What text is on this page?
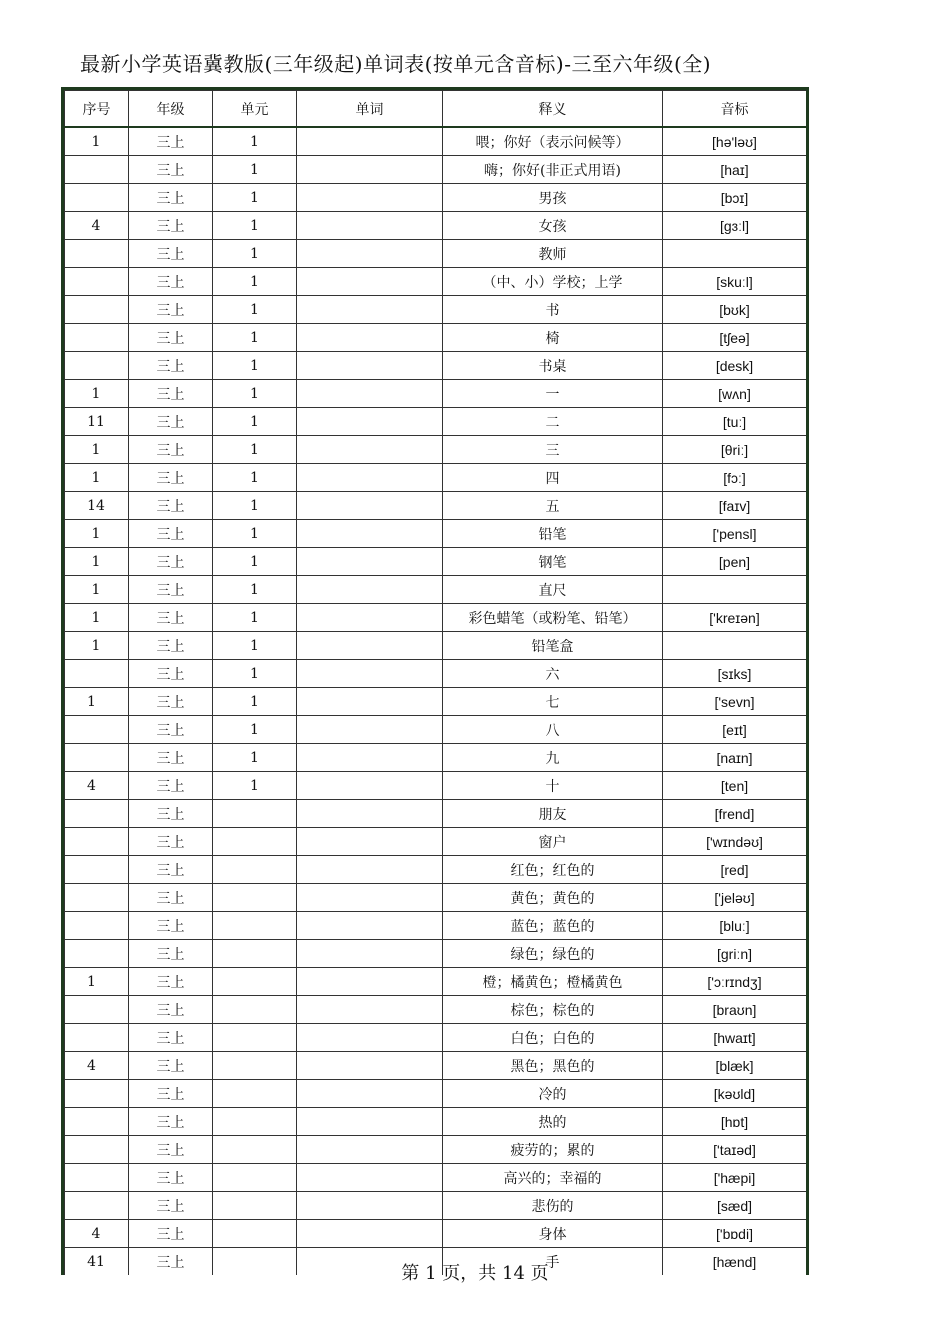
最新小学英语冀教版(三年级起)单词表(按单元含音标)-三至六年级(全)
序号	年级	单元	单词	释义	音标
1	三上	1		喂；你好（表示问候等）	[hə'ləʊ]
	三上	1		嗨；你好(非正式用语)	[haɪ]
	三上	1		男孩	[bɔɪ]
4	三上	1		女孩	[gɜːl]
	三上	1		教师	
	三上	1		（中、小）学校；上学	[skuːl]
	三上	1		书	[bʊk]
	三上	1		椅	[tʃeə]
	三上	1		书桌	[desk]
1	三上	1		一	[wʌn]
11	三上	1		二	[tuː]
1	三上	1		三	[θriː]
1	三上	1		四	[fɔː]
14	三上	1		五	[faɪv]
1	三上	1		铅笔	['pensl]
1	三上	1		钢笔	[pen]
1	三上	1		直尺	
1	三上	1		彩色蜡笔（或粉笔、铅笔）	['kreɪən]
1	三上	1		铅笔盒	
	三上	1		六	[sɪks]
1	三上	1		七	['sevn]
	三上	1		八	[eɪt]
	三上	1		九	[naɪn]
4	三上	1		十	[ten]
	三上			朋友	[frend]
	三上			窗户	['wɪndəʊ]
	三上			红色；红色的	[red]
	三上			黄色；黄色的	['jeləʊ]
	三上			蓝色；蓝色的	[bluː]
	三上			绿色；绿色的	[griːn]
1	三上			橙；橘黄色；橙橘黄色	['ɔːrɪndʒ]
	三上			棕色；棕色的	[braʊn]
	三上			白色；白色的	[hwaɪt]
4	三上			黑色；黑色的	[blæk]
	三上			冷的	[kəʊld]
	三上			热的	[hɒt]
	三上			疲劳的；累的	['taɪəd]
	三上			高兴的；幸福的	['hæpi]
	三上			悲伤的	[sæd]
4	三上			身体	['bɒdi]
41	三上			手	[hænd]
第 1 页，共 14 页
